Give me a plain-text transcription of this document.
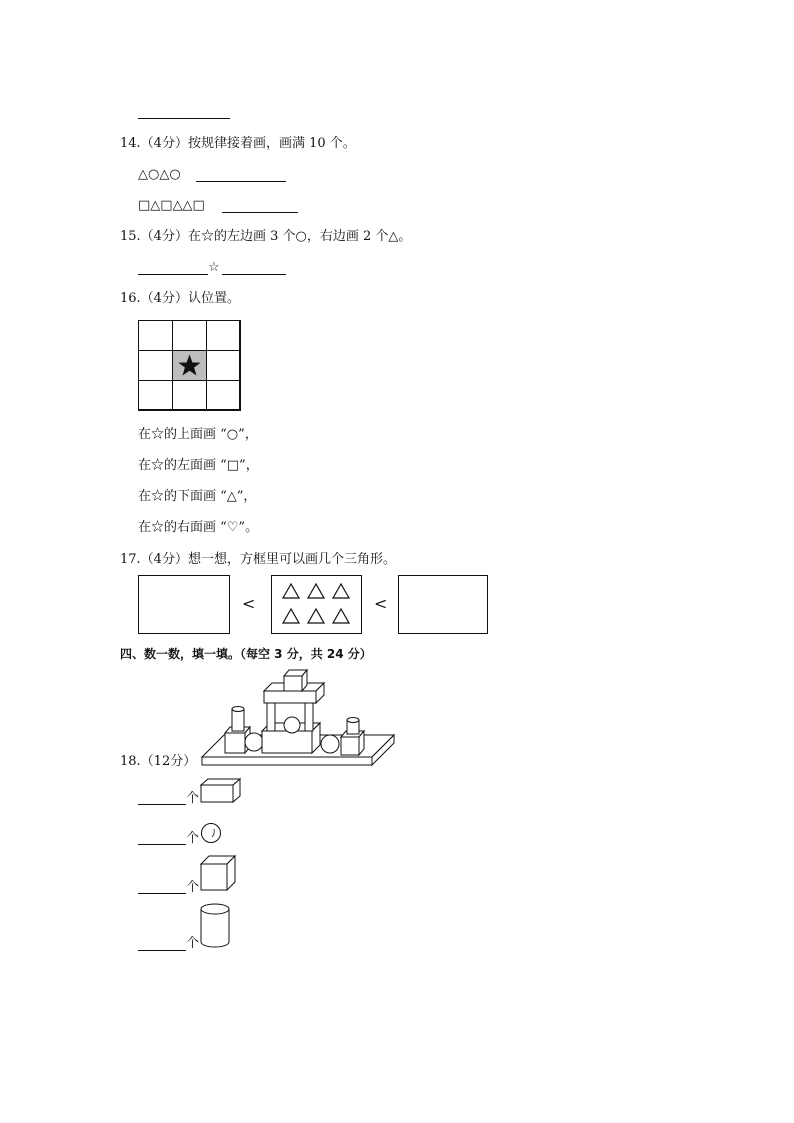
14.（4分）按规律接着画，画满 10 个。
△○△○
□△□△△□
15.（4分）在☆的左边画 3 个○，右边画 2 个△。
☆
16.（4分）认位置。
在☆的上面画 “○”，
在☆的左面画 “□”，
在☆的下面画 “△”，
在☆的右面画 “♡”。
17.（4分）想一想，方框里可以画几个三角形。
<	<
四、数一数，填一填。（每空 3 分，共 24 分）
18.（12分）
个
个
个
个
